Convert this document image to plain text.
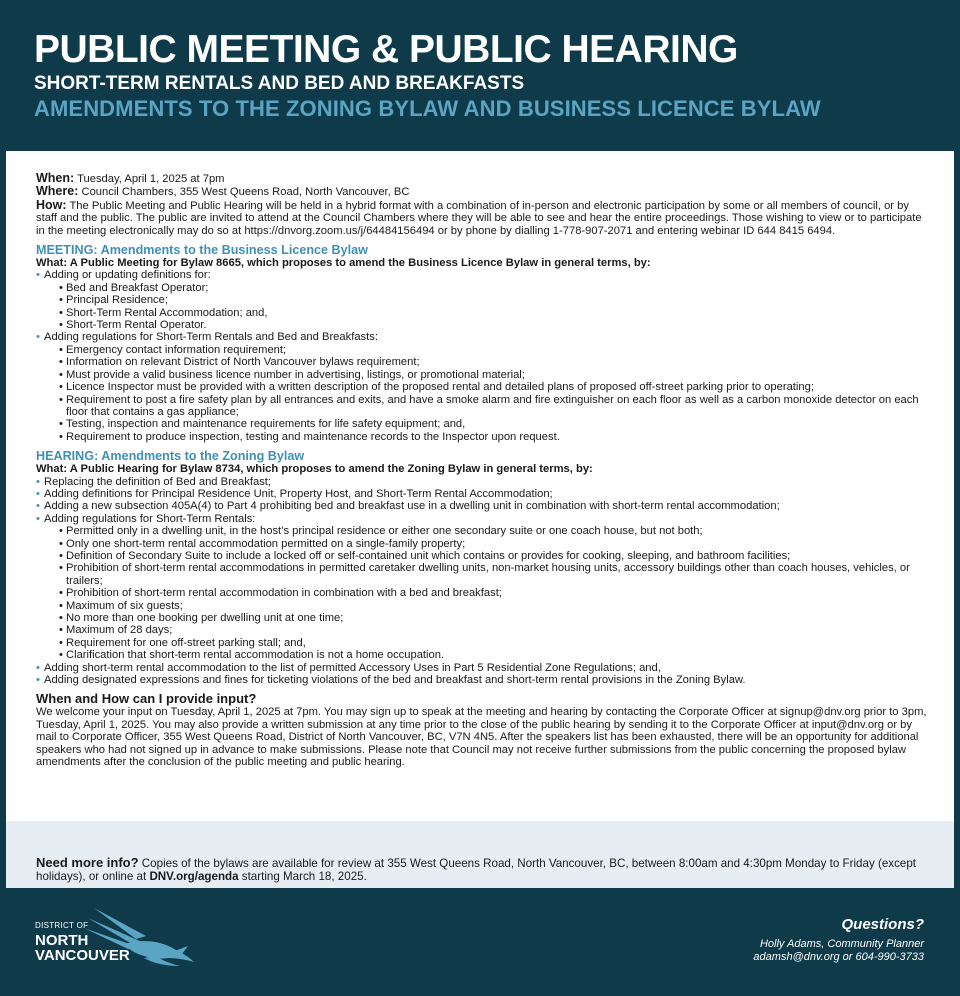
PUBLIC MEETING & PUBLIC HEARING
SHORT-TERM RENTALS AND BED AND BREAKFASTS
AMENDMENTS TO THE ZONING BYLAW AND BUSINESS LICENCE BYLAW

When: Tuesday, April 1, 2025 at 7pm

Where: Council Chambers, 355 West Queens Road, North Vancouver, BC

How: The Public Meeting and Public Hearing will be held in a hybrid format with a combination of in-person and electronic participation by some or all members of council, or by staff and the public. The public are invited to attend at the Council Chambers where they will be able to see and hear the entire proceedings. Those wishing to view or to participate in the meeting electronically may do so at https://dnvorg.zoom.us/j/64484156494 or by phone by dialling 1-778-907-2071 and entering webinar ID 644 8415 6494.

MEETING: Amendments to the Business Licence Bylaw
What: A Public Meeting for Bylaw 8665, which proposes to amend the Business Licence Bylaw in general terms, by:
• Adding or updating definitions for:
• Bed and Breakfast Operator;
• Principal Residence;
• Short-Term Rental Accommodation; and,
• Short-Term Rental Operator.
• Adding regulations for Short-Term Rentals and Bed and Breakfasts:
• Emergency contact information requirement;
• Information on relevant District of North Vancouver bylaws requirement;
• Must provide a valid business licence number in advertising, listings, or promotional material;
• Licence Inspector must be provided with a written description of the proposed rental and detailed plans of proposed off-street parking prior to operating;
• Requirement to post a fire safety plan by all entrances and exits, and have a smoke alarm and fire extinguisher on each floor as well as a carbon monoxide detector on each floor that contains a gas appliance;
• Testing, inspection and maintenance requirements for life safety equipment; and,
• Requirement to produce inspection, testing and maintenance records to the Inspector upon request.
HEARING: Amendments to the Zoning Bylaw
What: A Public Hearing for Bylaw 8734, which proposes to amend the Zoning Bylaw in general terms, by:
• Replacing the definition of Bed and Breakfast;
• Adding definitions for Principal Residence Unit, Property Host, and Short-Term Rental Accommodation;
• Adding a new subsection 405A(4) to Part 4 prohibiting bed and breakfast use in a dwelling unit in combination with short-term rental accommodation;
• Adding regulations for Short-Term Rentals:
• Permitted only in a dwelling unit, in the host’s principal residence or either one secondary suite or one coach house, but not both;
• Only one short-term rental accommodation permitted on a single-family property;
• Definition of Secondary Suite to include a locked off or self-contained unit which contains or provides for cooking, sleeping, and bathroom facilities;
• Prohibition of short-term rental accommodations in permitted caretaker dwelling units, non-market housing units, accessory buildings other than coach houses, vehicles, or trailers;
• Prohibition of short-term rental accommodation in combination with a bed and breakfast;
• Maximum of six guests;
• No more than one booking per dwelling unit at one time;
• Maximum of 28 days;
• Requirement for one off-street parking stall; and,
• Clarification that short-term rental accommodation is not a home occupation.
• Adding short-term rental accommodation to the list of permitted Accessory Uses in Part 5 Residential Zone Regulations; and,
• Adding designated expressions and fines for ticketing violations of the bed and breakfast and short-term rental provisions in the Zoning Bylaw.
When and How can I provide input?

We welcome your input on Tuesday, April 1, 2025 at 7pm. You may sign up to speak at the meeting and hearing by contacting the Corporate Officer at signup@dnv.org prior to 3pm, Tuesday, April 1, 2025. You may also provide a written submission at any time prior to the close of the public hearing by sending it to the Corporate Officer at input@dnv.org or by mail to Corporate Officer, 355 West Queens Road, District of North Vancouver, BC, V7N 4N5. After the speakers list has been exhausted, there will be an opportunity for additional speakers who had not signed up in advance to make submissions. Please note that Council may not receive further submissions from the public concerning the proposed bylaw amendments after the conclusion of the public meeting and public hearing.

Need more info? Copies of the bylaws are available for review at 355 West Queens Road, North Vancouver, BC, between 8:00am and 4:30pm Monday to Friday (except holidays), or online at DNV.org/agenda starting March 18, 2025.

DISTRICT OF
NORTH
VANCOUVER
Questions?
Holly Adams, Community Planner
adamsh@dnv.org or 604-990-3733
